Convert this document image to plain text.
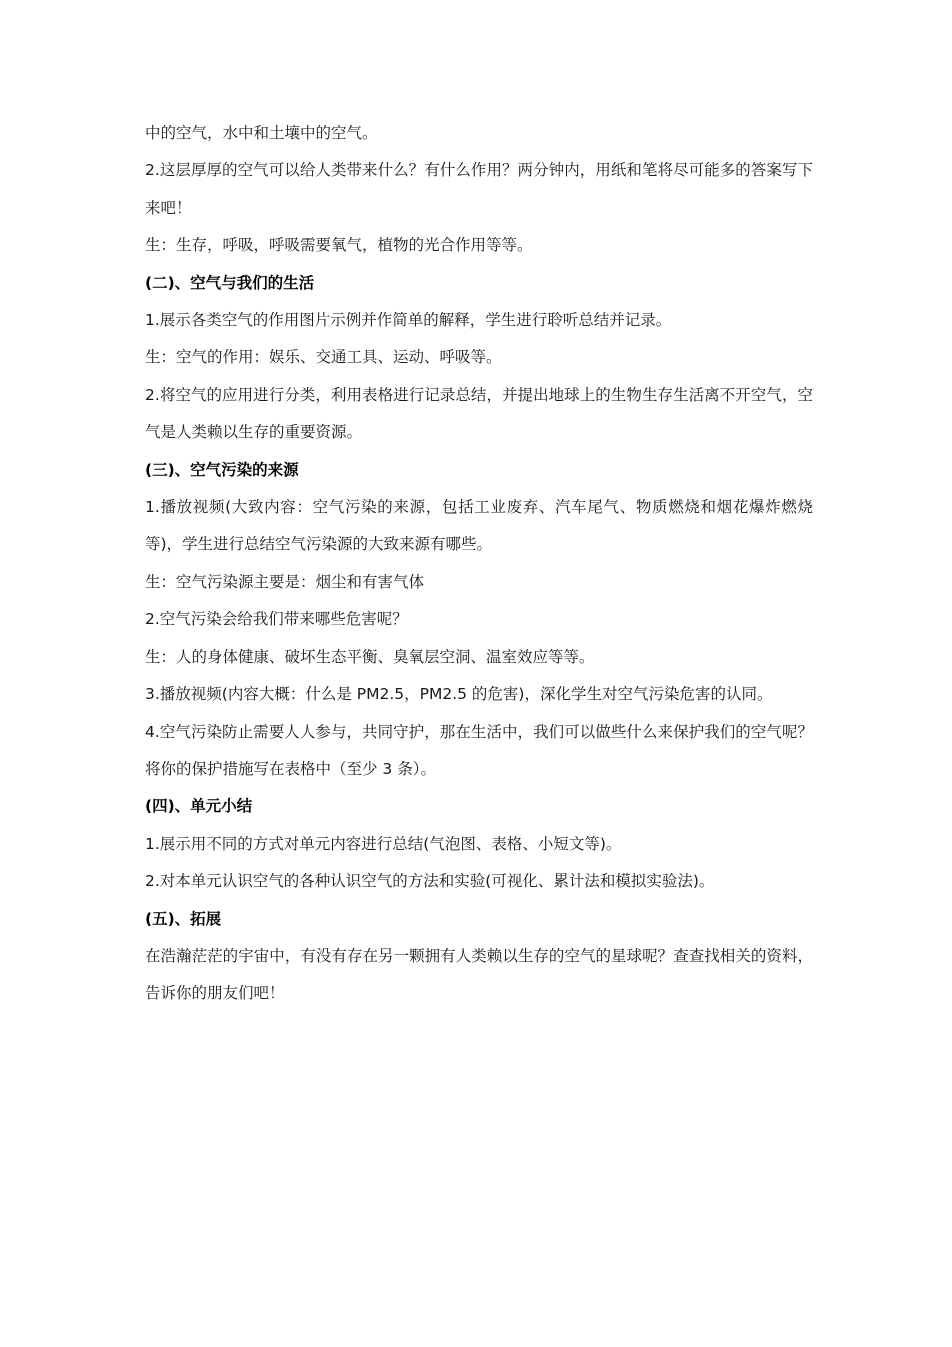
中的空气，水中和土壤中的空气。

2.这层厚厚的空气可以给人类带来什么？有什么作用？两分钟内，用纸和笔将尽可能多的答案写下来吧！

生：生存，呼吸，呼吸需要氧气，植物的光合作用等等。

(二)、空气与我们的生活

1.展示各类空气的作用图片示例并作简单的解释，学生进行聆听总结并记录。

生：空气的作用：娱乐、交通工具、运动、呼吸等。

2.将空气的应用进行分类，利用表格进行记录总结，并提出地球上的生物生存生活离不开空气，空气是人类赖以生存的重要资源。

(三)、空气污染的来源

1.播放视频(大致内容：空气污染的来源，包括工业废弃、汽车尾气、物质燃烧和烟花爆炸燃烧等)，学生进行总结空气污染源的大致来源有哪些。

生：空气污染源主要是：烟尘和有害气体

2.空气污染会给我们带来哪些危害呢？

生：人的身体健康、破坏生态平衡、臭氧层空洞、温室效应等等。

3.播放视频(内容大概：什么是 PM2.5，PM2.5 的危害)，深化学生对空气污染危害的认同。

4.空气污染防止需要人人参与，共同守护，那在生活中，我们可以做些什么来保护我们的空气呢？将你的保护措施写在表格中（至少 3 条）。

(四)、单元小结

1.展示用不同的方式对单元内容进行总结(气泡图、表格、小短文等)。

2.对本单元认识空气的各种认识空气的方法和实验(可视化、累计法和模拟实验法)。

(五)、拓展

在浩瀚茫茫的宇宙中，有没有存在另一颗拥有人类赖以生存的空气的星球呢？查查找相关的资料，告诉你的朋友们吧！
